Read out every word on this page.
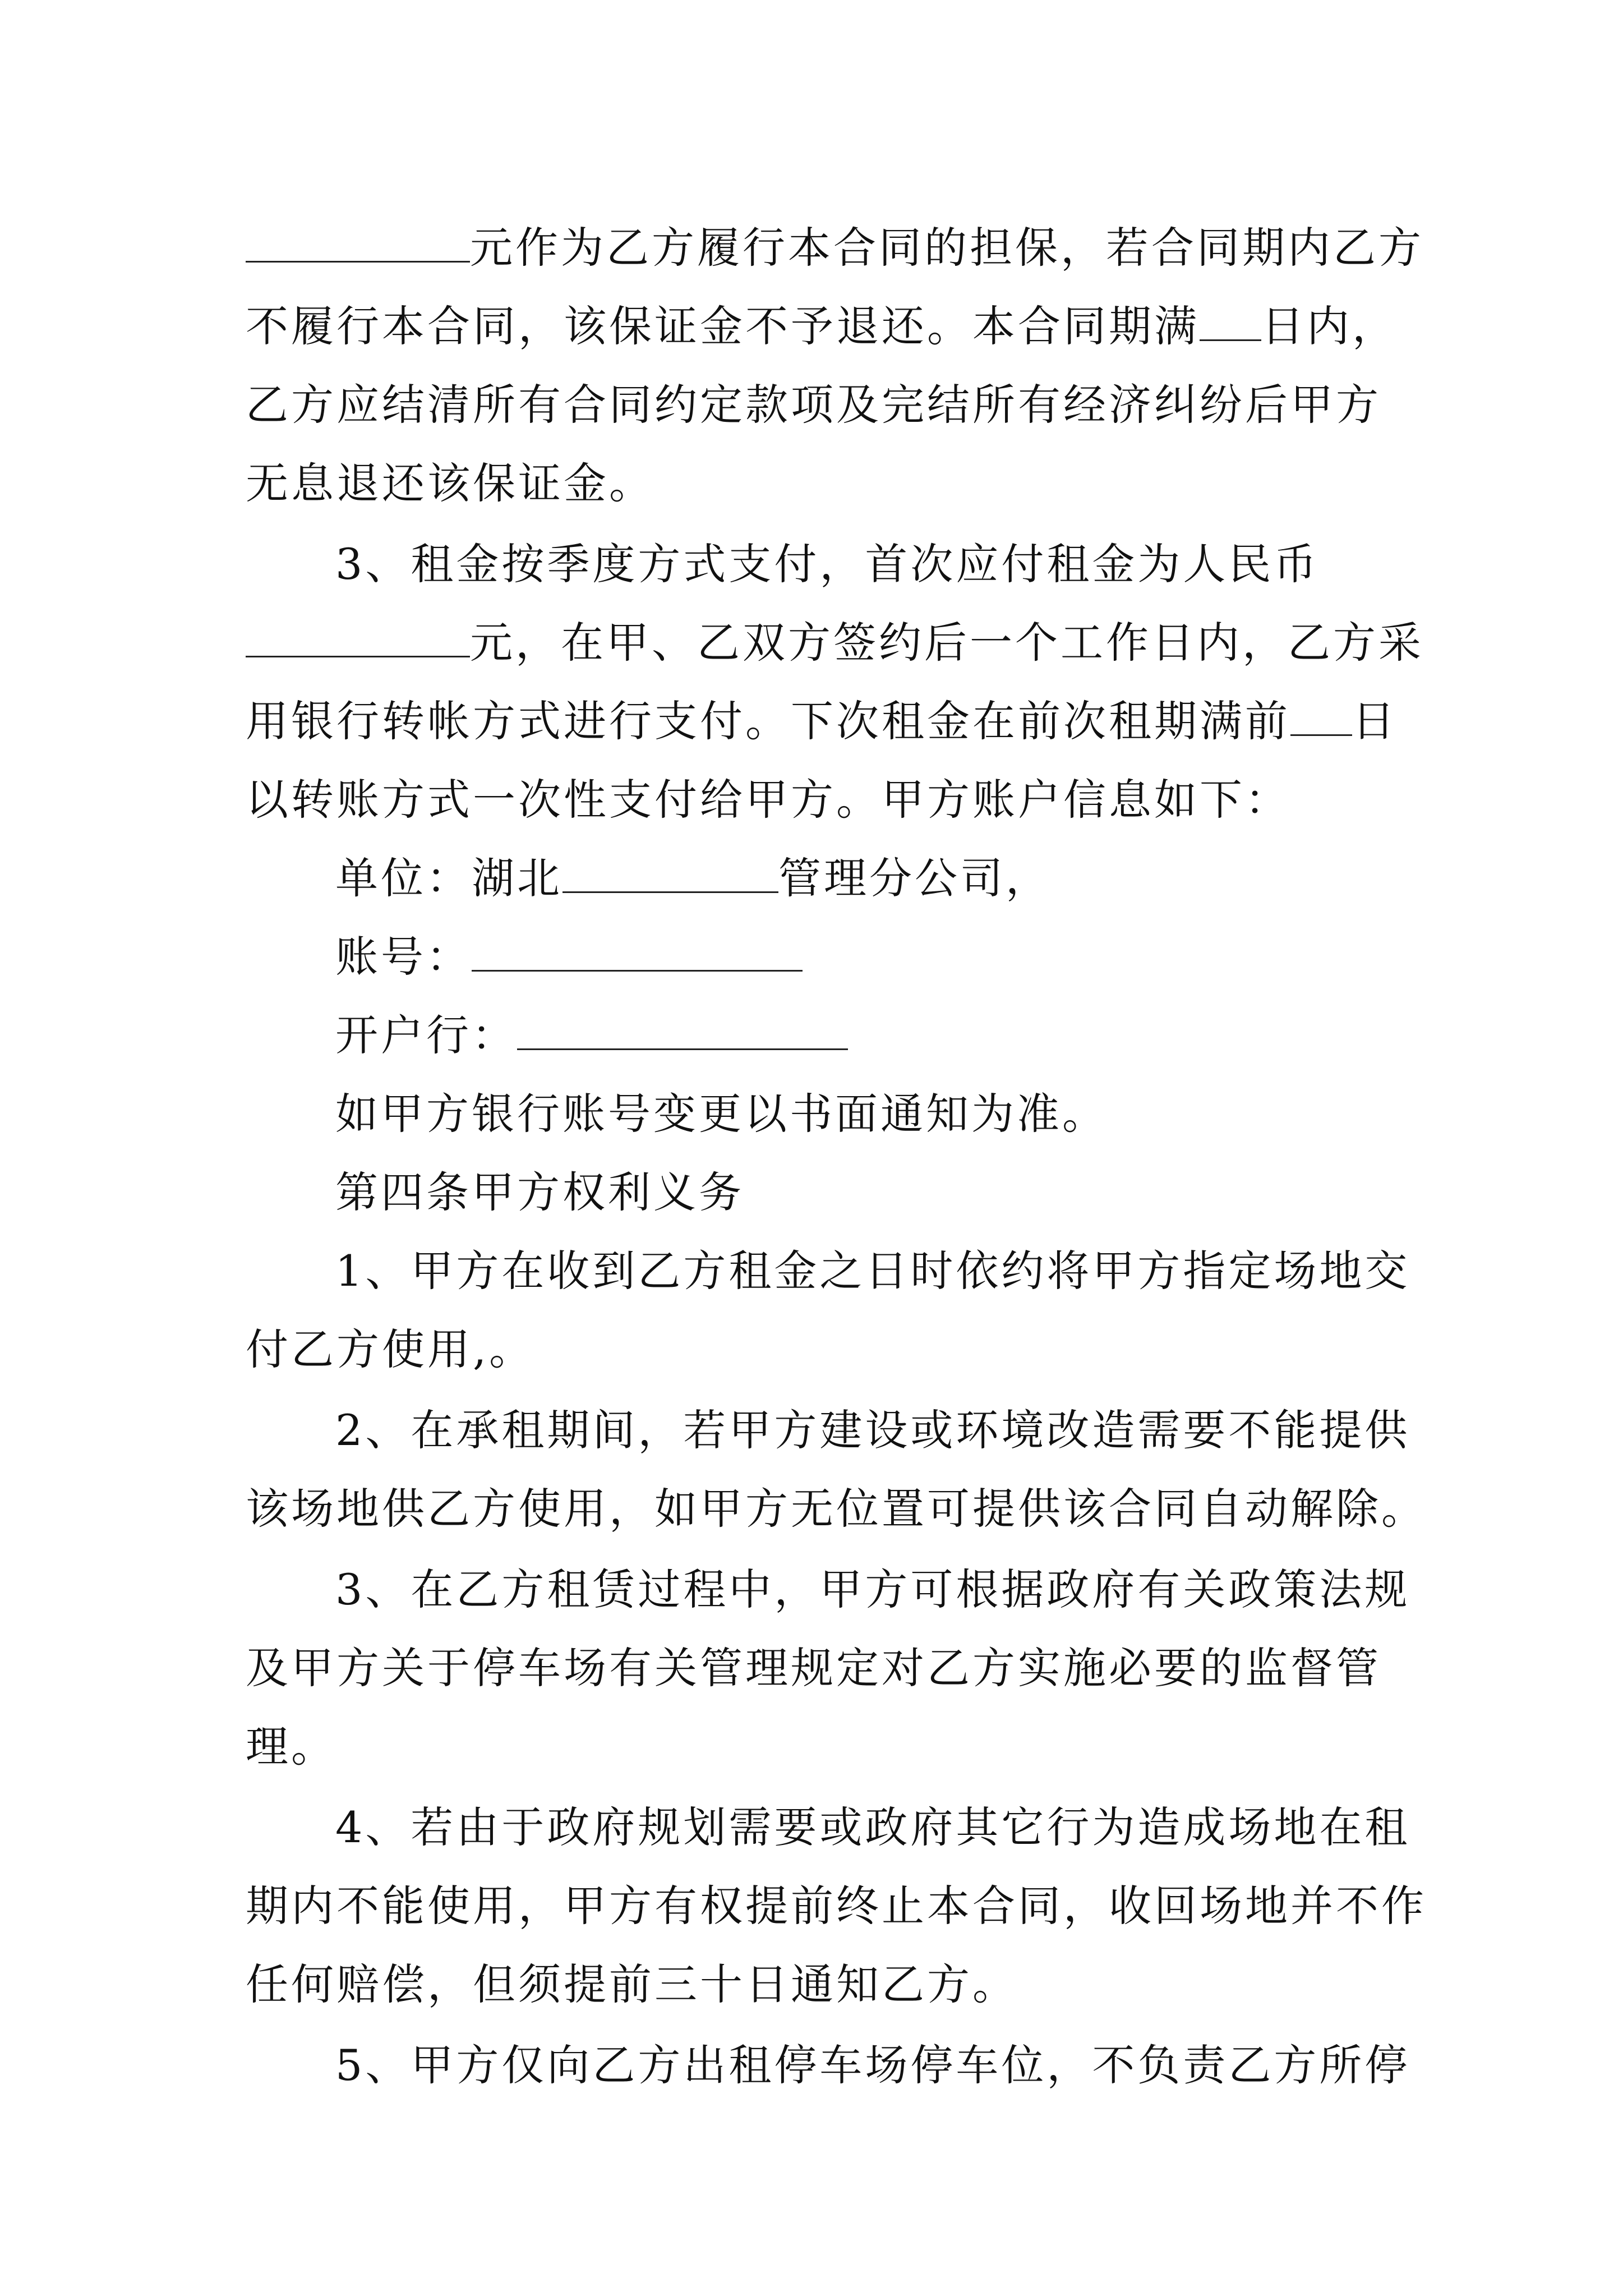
元作为乙方履行本合同的担保，若合同期内乙方
不履行本合同，该保证金不予退还。本合同期满 日内，
乙方应结清所有合同约定款项及完结所有经济纠纷后甲方
无息退还该保证金。
3、租金按季度方式支付，首次应付租金为人民币
元，在甲、乙双方签约后一个工作日内，乙方采
用银行转帐方式进行支付。下次租金在前次租期满前 日
以转账方式一次性支付给甲方。甲方账户信息如下：
单位：湖北	管理分公司，
账号：
开户行：
如甲方银行账号变更以书面通知为准。
第四条甲方权利义务
1、甲方在收到乙方租金之日时依约将甲方指定场地交
付乙方使用,。
2、在承租期间，若甲方建设或环境改造需要不能提供
该场地供乙方使用，如甲方无位置可提供该合同自动解除。
3、在乙方租赁过程中，甲方可根据政府有关政策法规
及甲方关于停车场有关管理规定对乙方实施必要的监督管
理。
4、若由于政府规划需要或政府其它行为造成场地在租
期内不能使用，甲方有权提前终止本合同，收回场地并不作
任何赔偿，但须提前三十日通知乙方。
5、甲方仅向乙方出租停车场停车位，不负责乙方所停
